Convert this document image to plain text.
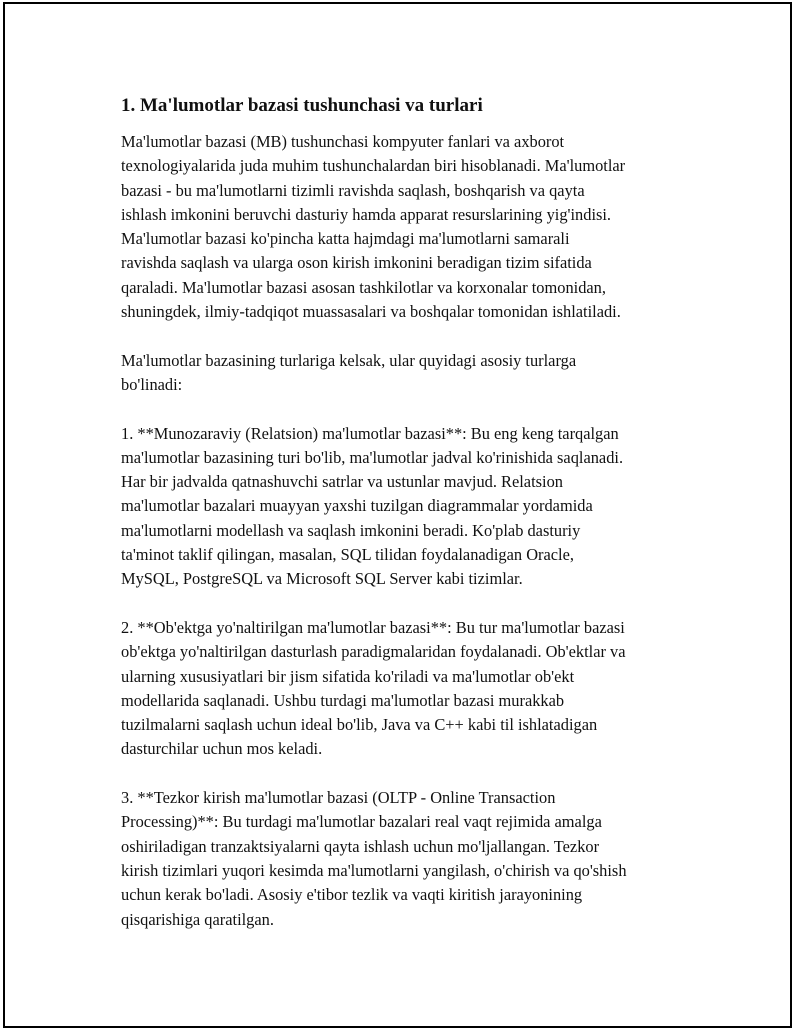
1. Ma'lumotlar bazasi tushunchasi va turlari

Ma'lumotlar bazasi (MB) tushunchasi kompyuter fanlari va axborot
texnologiyalarida juda muhim tushunchalardan biri hisoblanadi. Ma'lumotlar
bazasi - bu ma'lumotlarni tizimli ravishda saqlash, boshqarish va qayta
ishlash imkonini beruvchi dasturiy hamda apparat resurslarining yig'indisi.
Ma'lumotlar bazasi ko'pincha katta hajmdagi ma'lumotlarni samarali
ravishda saqlash va ularga oson kirish imkonini beradigan tizim sifatida
qaraladi. Ma'lumotlar bazasi asosan tashkilotlar va korxonalar tomonidan,
shuningdek, ilmiy-tadqiqot muassasalari va boshqalar tomonidan ishlatiladi.

Ma'lumotlar bazasining turlariga kelsak, ular quyidagi asosiy turlarga
bo'linadi:

1. **Munozaraviy (Relatsion) ma'lumotlar bazasi**: Bu eng keng tarqalgan
ma'lumotlar bazasining turi bo'lib, ma'lumotlar jadval ko'rinishida saqlanadi.
Har bir jadvalda qatnashuvchi satrlar va ustunlar mavjud. Relatsion
ma'lumotlar bazalari muayyan yaxshi tuzilgan diagrammalar yordamida
ma'lumotlarni modellash va saqlash imkonini beradi. Ko'plab dasturiy
ta'minot taklif qilingan, masalan, SQL tilidan foydalanadigan Oracle,
MySQL, PostgreSQL va Microsoft SQL Server kabi tizimlar.

2. **Ob'ektga yo'naltirilgan ma'lumotlar bazasi**: Bu tur ma'lumotlar bazasi
ob'ektga yo'naltirilgan dasturlash paradigmalaridan foydalanadi. Ob'ektlar va
ularning xususiyatlari bir jism sifatida ko'riladi va ma'lumotlar ob'ekt
modellarida saqlanadi. Ushbu turdagi ma'lumotlar bazasi murakkab
tuzilmalarni saqlash uchun ideal bo'lib, Java va C++ kabi til ishlatadigan
dasturchilar uchun mos keladi.

3. **Tezkor kirish ma'lumotlar bazasi (OLTP - Online Transaction
Processing)**: Bu turdagi ma'lumotlar bazalari real vaqt rejimida amalga
oshiriladigan tranzaktsiyalarni qayta ishlash uchun mo'ljallangan. Tezkor
kirish tizimlari yuqori kesimda ma'lumotlarni yangilash, o'chirish va qo'shish
uchun kerak bo'ladi. Asosiy e'tibor tezlik va vaqti kiritish jarayonining
qisqarishiga qaratilgan.
